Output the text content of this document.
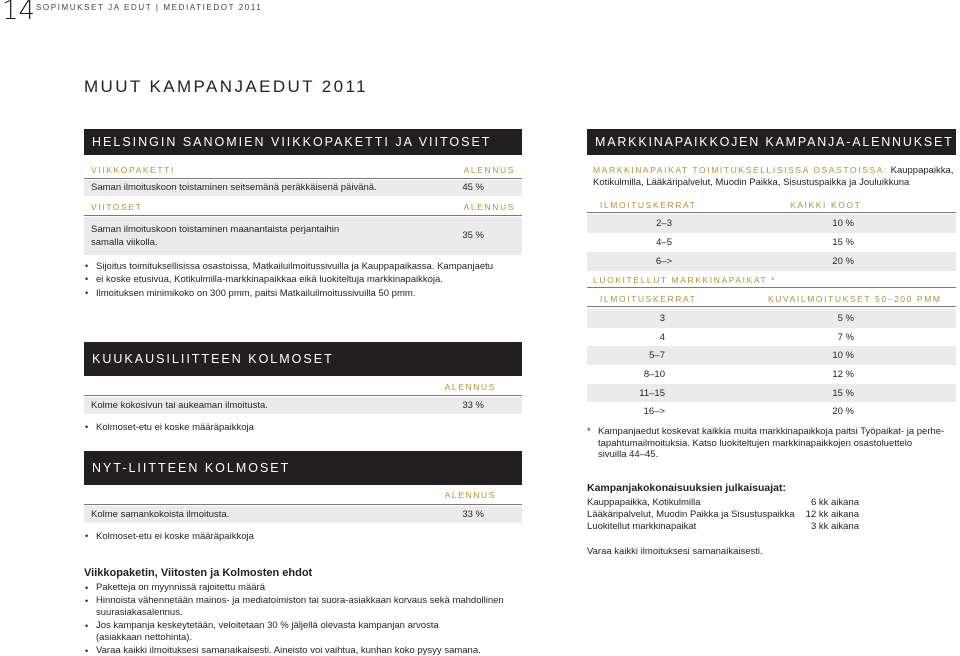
14 SOPIMUKSET JA EDUT | MEDIATIEDOT 2011
MUUT KAMPANJAEDUT 2011
HELSINGIN SANOMIEN VIIKKOPAKETTI JA VIITOSET
VIIKKOPAKETTI	ALENNUS
Saman ilmoituskoon toistaminen seitsemänä peräkkäisenä päivänä.	45 %
VIITOSET	ALENNUS
Saman ilmoituskoon toistaminen maanantaista perjantaihin
samalla viikolla.
35 %
• Sijoitus toimituksellisissa osastoissa, Matkailuilmoitussivuilla ja Kauppapaikassa. Kampanjaetu
• ei koske etusivua, Kotikulmilla-markkinapaikkaa eikä luokiteltuja markkinapaikkoja.
• Ilmoituksen minimikoko on 300 pmm, paitsi Matkailuilmoitussivuilla 50 pmm.
KUUKAUSILIITTEEN KOLMOSET
ALENNUS
Kolme kokosivun tai aukeaman ilmoitusta.	33 %
• Kolmoset-etu ei koske määräpaikkoja
NYT-LIITTEEN KOLMOSET
ALENNUS
Kolme samankokoista ilmoitusta.	33 %
• Kolmoset-etu ei koske määräpaikkoja
Viikkopaketin, Viitosten ja Kolmosten ehdot
• Paketteja on myynnissä rajoitettu määrä
• Hinnoista vähennetään mainos- ja mediatoimiston tai suora-asiakkaan korvaus sekä mahdollinen
suurasiakasalennus.
• Jos kampanja keskeytetään, veloitetaan 30 % jäljellä olevasta kampanjan arvosta
(asiakkaan nettohinta).
• Varaa kaikki ilmoituksesi samanaikaisesti. Aineisto voi vaihtua, kunhan koko pysyy samana.
MARKKINAPAIKKOJEN KAMPANJA-ALENNUKSET
MARKKINAPAIKAT TOIMITUKSELLISISSA OSASTOISSA: Kauppapaikka,
Kotikulmilla, Lääkäripalvelut, Muodin Paikka, Sisustuspaikka ja Jouluikkuna
ILMOITUSKERRAT	KAIKKI KOOT
2–3	10 %
4–5	15 %
6–>	20 %
LUOKITELLUT MARKKINAPAIKAT *
ILMOITUSKERRAT	KUVAILMOITUKSET 50–200 PMM
3	5 %
4	7 %
5–7	10 %
8–10	12 %
11–15	15 %
16–>	20 %
* Kampanjaedut koskevat kaikkia muita markkinapaikkoja paitsi Työpaikat- ja perhe-
tapahtumailmoituksia. Katso luokiteltujen markkinapaikkojen osastoluettelo
sivuilla 44–45.
Kampanjakokonaisuuksien julkaisuajat:
Kauppapaikka, Kotikulmilla	6 kk aikana
Lääkäripalvelut, Muodin Paikka ja Sisustuspaikka 12 kk aikana
Luokitellut markkinapaikat	3 kk aikana
Varaa kaikki ilmoituksesi samanaikaisesti.
